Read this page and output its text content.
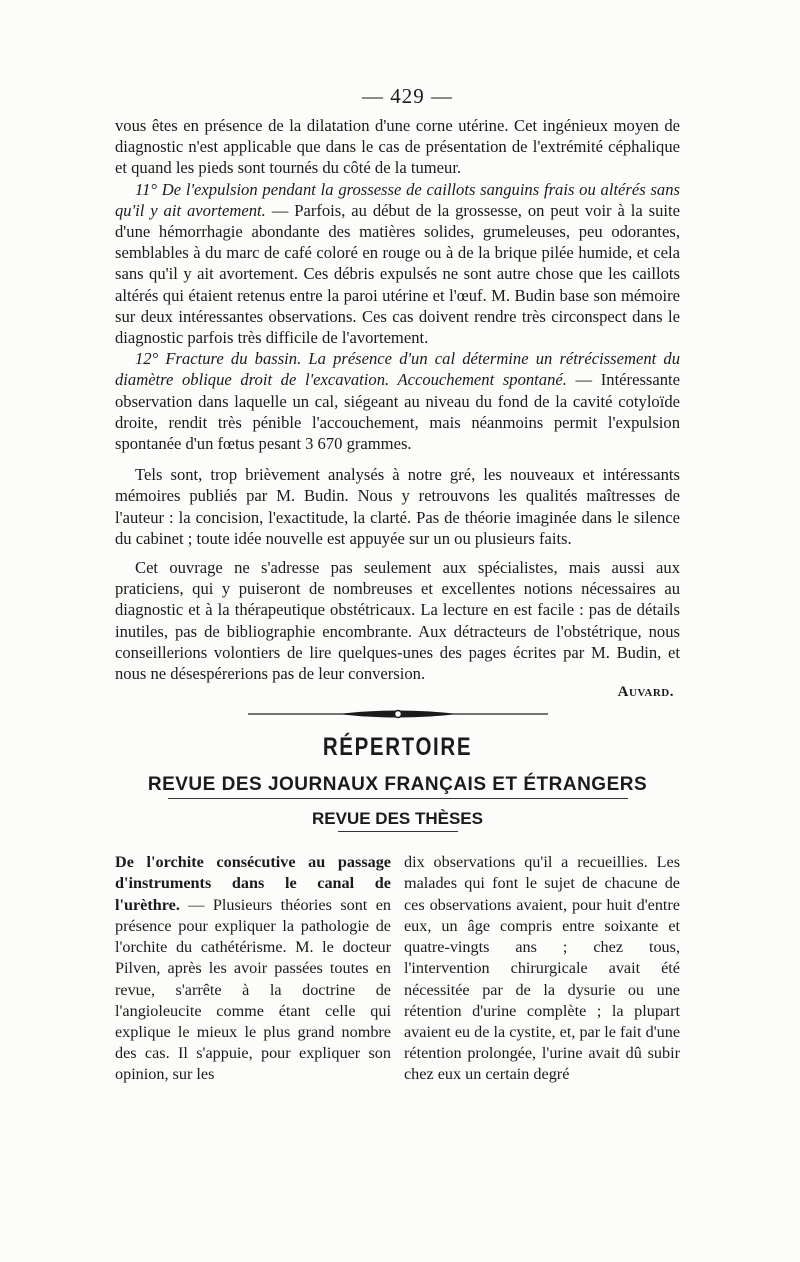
— 429 —

vous êtes en présence de la dilatation d'une corne utérine. Cet ingénieux moyen de diagnostic n'est applicable que dans le cas de présentation de l'extrémité céphalique et quand les pieds sont tournés du côté de la tumeur.

11° De l'expulsion pendant la grossesse de caillots sanguins frais ou altérés sans qu'il y ait avortement. — Parfois, au début de la grossesse, on peut voir à la suite d'une hémorrhagie abondante des matières solides, grumeleuses, peu odorantes, semblables à du marc de café coloré en rouge ou à de la brique pilée humide, et cela sans qu'il y ait avortement. Ces débris expulsés ne sont autre chose que les caillots altérés qui étaient retenus entre la paroi utérine et l'œuf. M. Budin base son mémoire sur deux intéressantes observations. Ces cas doivent rendre très circonspect dans le diagnostic parfois très difficile de l'avortement.

12° Fracture du bassin. La présence d'un cal détermine un rétrécissement du diamètre oblique droit de l'excavation. Accouchement spontané. — Intéressante observation dans laquelle un cal, siégeant au niveau du fond de la cavité cotyloïde droite, rendit très pénible l'accouchement, mais néanmoins permit l'expulsion spontanée d'un fœtus pesant 3 670 grammes.

Tels sont, trop brièvement analysés à notre gré, les nouveaux et intéressants mémoires publiés par M. Budin. Nous y retrouvons les qualités maîtresses de l'auteur : la concision, l'exactitude, la clarté. Pas de théorie imaginée dans le silence du cabinet ; toute idée nouvelle est appuyée sur un ou plusieurs faits.

Cet ouvrage ne s'adresse pas seulement aux spécialistes, mais aussi aux praticiens, qui y puiseront de nombreuses et excellentes notions nécessaires au diagnostic et à la thérapeutique obstétricaux. La lecture en est facile : pas de détails inutiles, pas de bibliographie encombrante. Aux détracteurs de l'obstétrique, nous conseillerions volontiers de lire quelques-unes des pages écrites par M. Budin, et nous ne désespérerions pas de leur conversion.

Auvard.
RÉPERTOIRE
REVUE DES JOURNAUX FRANÇAIS ET ÉTRANGERS
REVUE DES THÈSES
De l'orchite consécutive au passage d'instruments dans le canal de l'urèthre. — Plusieurs théories sont en présence pour expliquer la pathologie de l'orchite du cathétérisme. M. le docteur Pilven, après les avoir passées toutes en revue, s'arrête à la doctrine de l'angioleucite comme étant celle qui explique le mieux le plus grand nombre des cas. Il s'appuie, pour expliquer son opinion, sur les
dix observations qu'il a recueillies. Les malades qui font le sujet de chacune de ces observations avaient, pour huit d'entre eux, un âge compris entre soixante et quatre-vingts ans ; chez tous, l'intervention chirurgicale avait été nécessitée par de la dysurie ou une rétention d'urine complète ; la plupart avaient eu de la cystite, et, par le fait d'une rétention prolongée, l'urine avait dû subir chez eux un certain degré
